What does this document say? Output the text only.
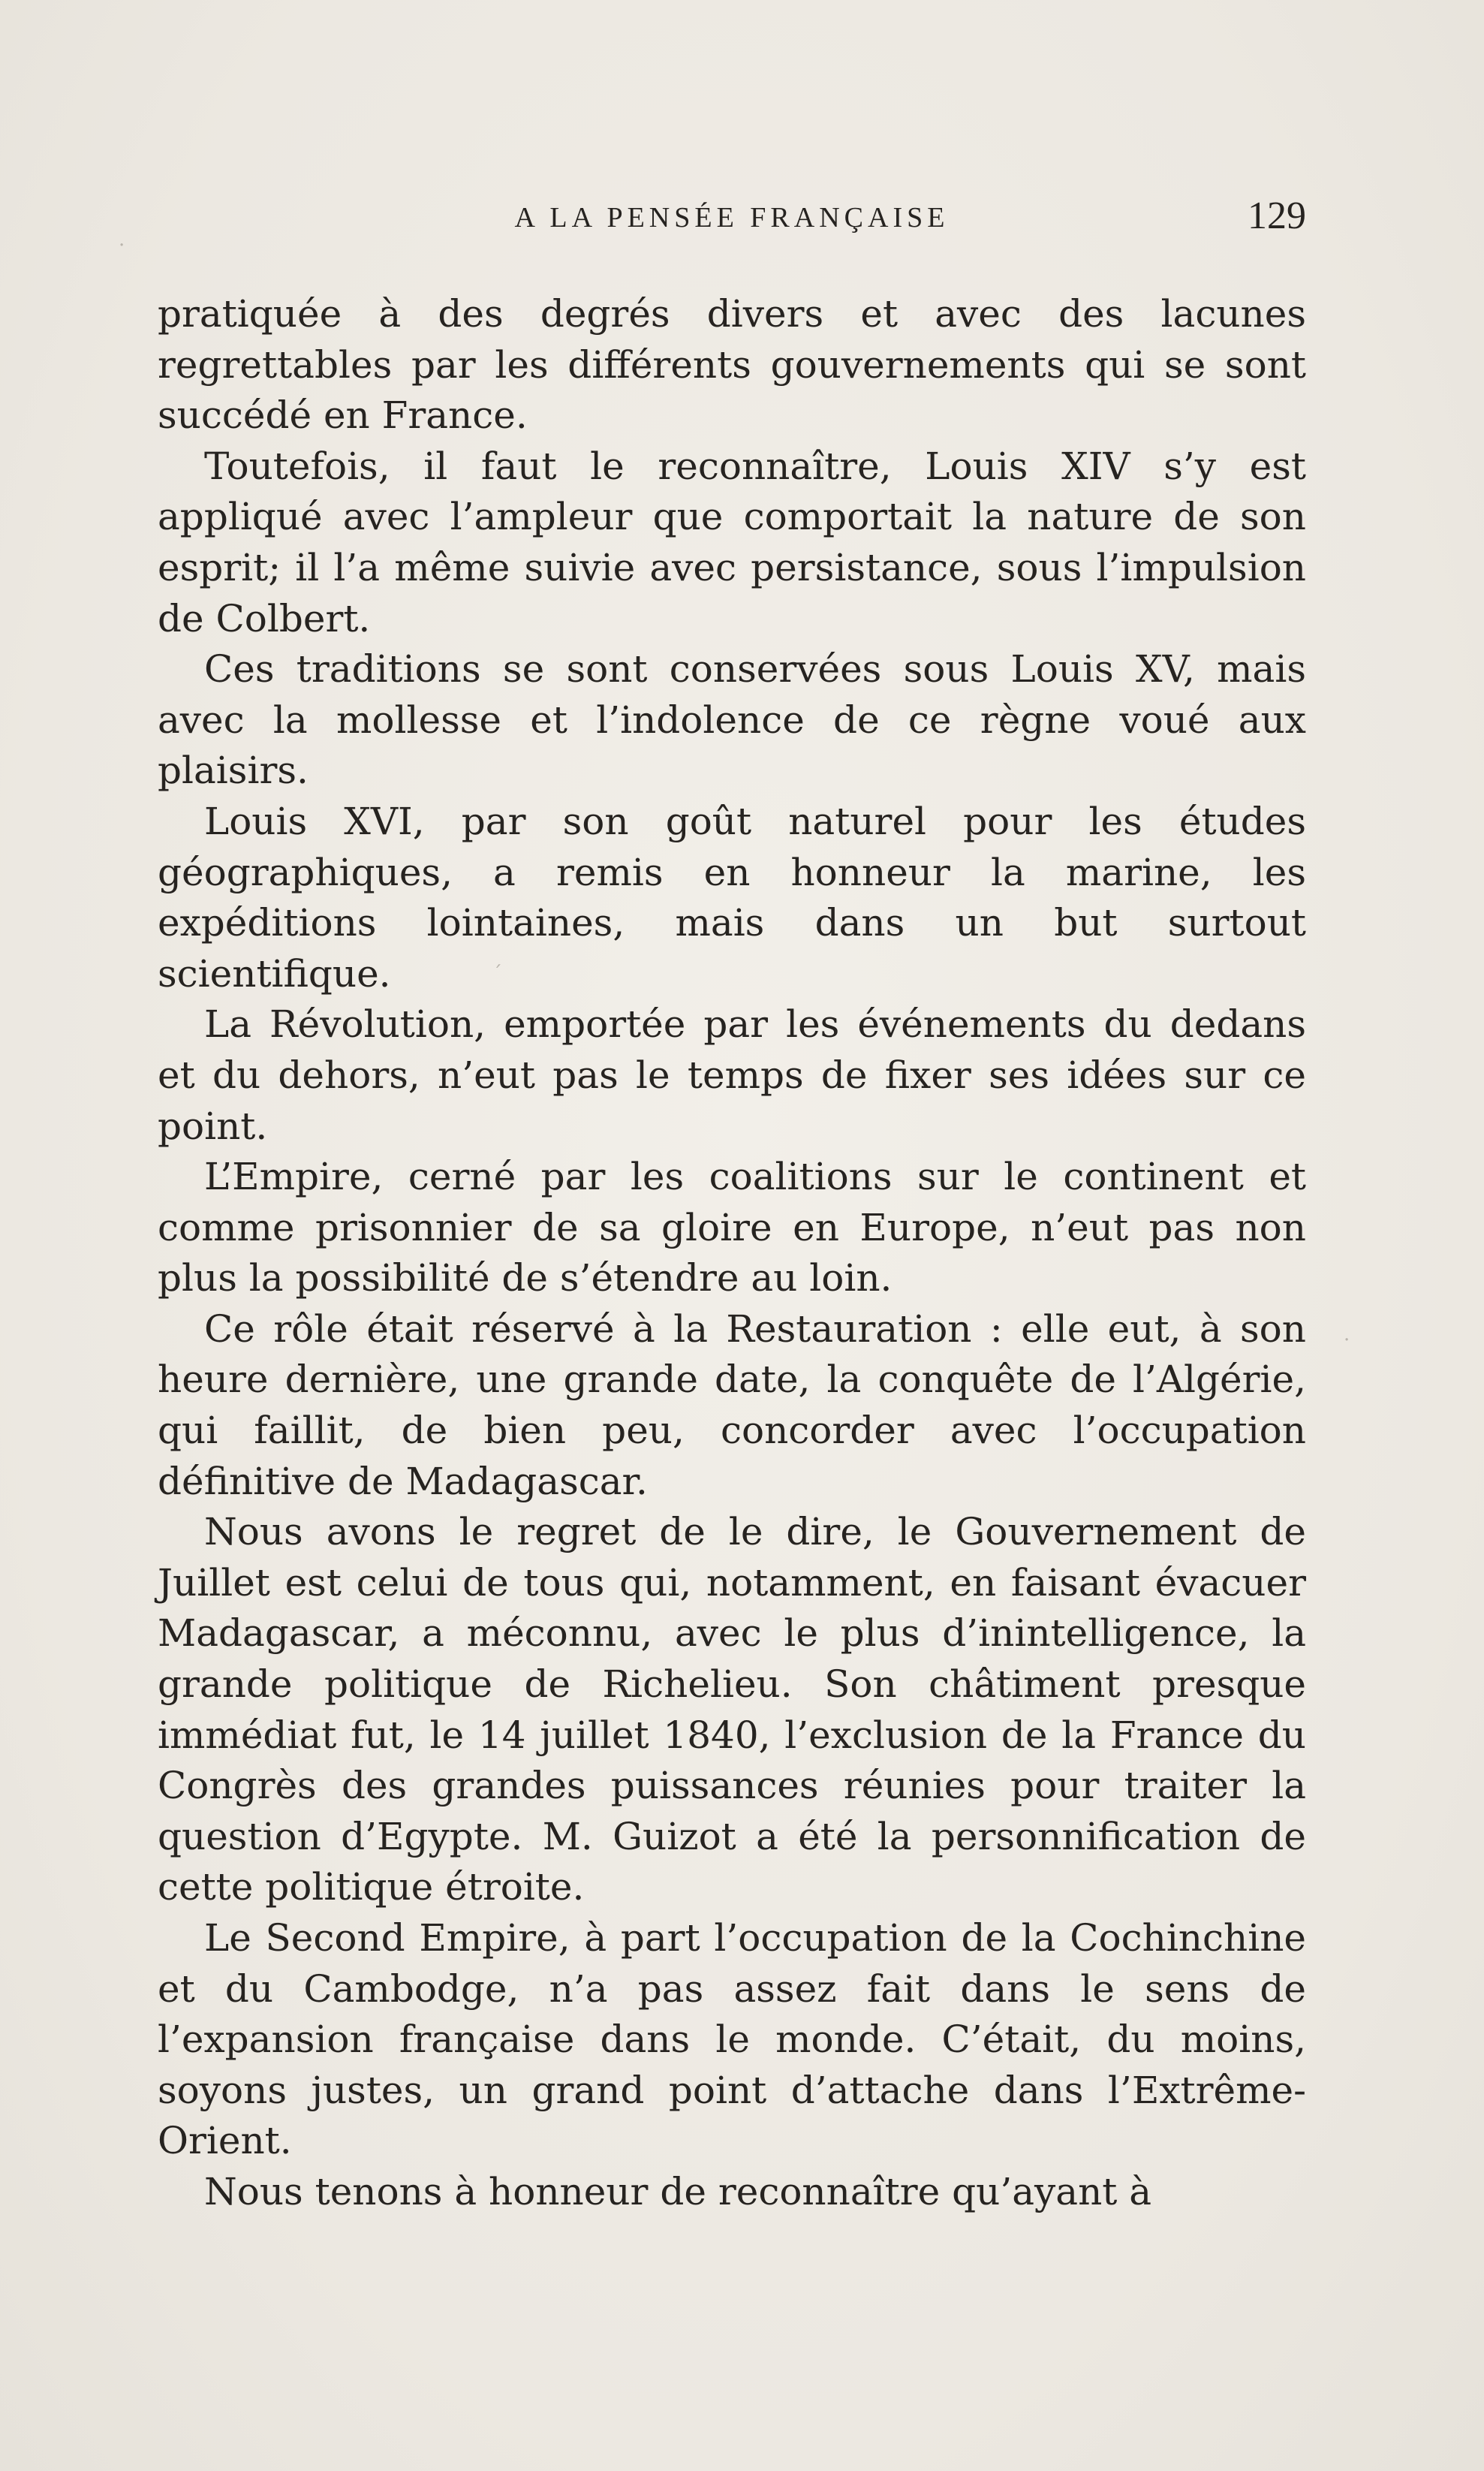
A LA PENSÉE FRANÇAISE	129

pratiquée à des degrés divers et avec des lacunes regrettables par les différents gouvernements qui se sont succédé en France.

Toutefois, il faut le reconnaître, Louis XIV s’y est appliqué avec l’ampleur que comportait la nature de son esprit; il l’a même suivie avec persistance, sous l’impulsion de Colbert.

Ces traditions se sont conservées sous Louis XV, mais avec la mollesse et l’indolence de ce règne voué aux plaisirs.

Louis XVI, par son goût naturel pour les études géographiques, a remis en honneur la marine, les expéditions lointaines, mais dans un but surtout scientifique.

La Révolution, emportée par les événements du dedans et du dehors, n’eut pas le temps de fixer ses idées sur ce point.

L’Empire, cerné par les coalitions sur le continent et comme prisonnier de sa gloire en Europe, n’eut pas non plus la possibilité de s’étendre au loin.

Ce rôle était réservé à la Restauration : elle eut, à son heure dernière, une grande date, la conquête de l’Algérie, qui faillit, de bien peu, concorder avec l’occupation définitive de Madagascar.

Nous avons le regret de le dire, le Gouvernement de Juillet est celui de tous qui, notamment, en faisant évacuer Madagascar, a méconnu, avec le plus d’inintelligence, la grande politique de Richelieu. Son châtiment presque immédiat fut, le 14 juillet 1840, l’exclusion de la France du Congrès des grandes puissances réunies pour traiter la question d’Egypte. M. Guizot a été la personnification de cette politique étroite.

Le Second Empire, à part l’occupation de la Cochinchine et du Cambodge, n’a pas assez fait dans le sens de l’expansion française dans le monde. C’était, du moins, soyons justes, un grand point d’attache dans l’Extrême-Orient.

Nous tenons à honneur de reconnaître qu’ayant à

´
·
·
